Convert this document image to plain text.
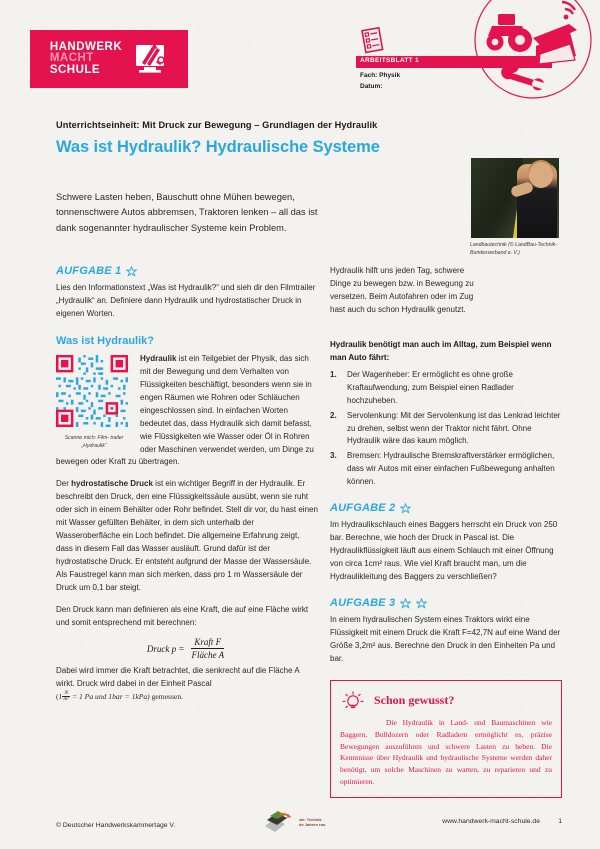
HANDWERK
MACHT
SCHULE
ARBEITSBLATT 1
Fach: Physik
Datum:
Unterrichtseinheit: Mit Druck zur Bewegung – Grundlagen der Hydraulik
Was ist Hydraulik? Hydraulische Systeme
Schwere Lasten heben, Bauschutt ohne Mühen bewegen, tonnenschwere Autos abbremsen, Traktoren lenken – all das ist dank sogenannter hydraulischer Systeme kein Problem.
Landbautechnik (© LandBau-Technik-Bundesverband e. V.)
AUFGABE 1
Lies den Informationstext „Was ist Hydraulik?“ und sieh dir den Filmtrailer „Hydraulik“ an. Definiere dann Hydraulik und hydrostatischer Druck in eigenen Worten.
Was ist Hydraulik?
Scanne mich: Film- trailer „Hydraulik“
Hydraulik ist ein Teilgebiet der Physik, das sich mit der Bewegung und dem Verhalten von Flüssigkeiten beschäftigt, besonders wenn sie in engen Räumen wie Rohren oder Schläuchen eingeschlossen sind. In einfachen Worten bedeutet das, dass Hydraulik sich damit befasst, wie Flüssigkeiten wie Wasser oder Öl in Rohren oder Maschinen verwendet werden, um Dinge zu bewegen oder Kraft zu übertragen.
Der hydrostatische Druck ist ein wichtiger Begriff in der Hydraulik. Er beschreibt den Druck, den eine Flüssigkeitssäule ausübt, wenn sie ruht oder sich in einem Behälter oder Rohr befindet. Stell dir vor, du hast einen mit Wasser gefüllten Behälter, in dem sich unterhalb der Wasseroberfläche ein Loch befindet. Die allgemeine Erfahrung zeigt, dass in diesem Fall das Wasser ausläuft. Grund dafür ist der hydrostatische Druck. Er entsteht aufgrund der Masse der Wassersäule. Als Faustregel kann man sich merken, dass pro 1 m Wassersäule der Druck um 0,1 bar steigt.
Den Druck kann man definieren als eine Kraft, die auf eine Fläche wirkt und somit entsprechend mit berechnen:
Druck $p = \frac{\text{Kraft F}}{\text{Fläche A}}$
Dabei wird immer die Kraft betrachtet, die senkrecht auf die Fläche A wirkt. Druck wird dabei in der Einheit Pascal
($1 \frac{N}{\text{m²}} = 1$ Pa und 1bar = 1kPa) gemessen.
Hydraulik hilft uns jeden Tag, schwere Dinge zu bewegen bzw. in Bewegung zu versetzen. Beim Autofahren oder im Zug hast auch du schon Hydraulik genutzt.
Hydraulik benötigt man auch im Alltag, zum Beispiel wenn man Auto fährt:
1.	Der Wagenheber: Er ermöglicht es ohne große Kraftaufwendung, zum Beispiel einen Radlader hochzuheben.
2.	Servolenkung: Mit der Servolenkung ist das Lenkrad leichter zu drehen, selbst wenn der Traktor nicht fährt. Ohne Hydraulik wäre das kaum möglich.
3.	Bremsen: Hydraulische Bremskraftverstärker ermöglichen, dass wir Autos mit einer einfachen Fußbewegung anhalten können.
AUFGABE 2
Im Hydraulikschlauch eines Baggers herrscht ein Druck von 250 bar. Berechne, wie hoch der Druck in Pascal ist. Die Hydraulikflüssigkeit läuft aus einem Schlauch mit einer Öffnung von circa 1cm² raus. Wie viel Kraft braucht man, um die Hydraulikleitung des Baggers zu verschließen?
AUFGABE 3
In einem hydraulischen System eines Traktors wirkt eine Flüssigkeit mit einem Druck die Kraft F=42,7N auf eine Wand der Größe 3,2m² aus. Berechne den Druck in den Einheiten Pa und bar.
Schon gewusst?
Die Hydraulik in Land- und Baumaschinen wie Baggern, Bulldozern oder Radladern ermöglicht es, präzise Bewegungen auszuführen und schwere Lasten zu heben. Die Kenntnisse über Hydraulik und hydraulische Systeme werden daher benötigt, um solche Maschinen zu warten, zu reparieren und zu optimieren.
© Deutscher Handwerkskammertage V.
wir. Technik
de Jahren ran.	www.handwerk-macht-schule.de	1
